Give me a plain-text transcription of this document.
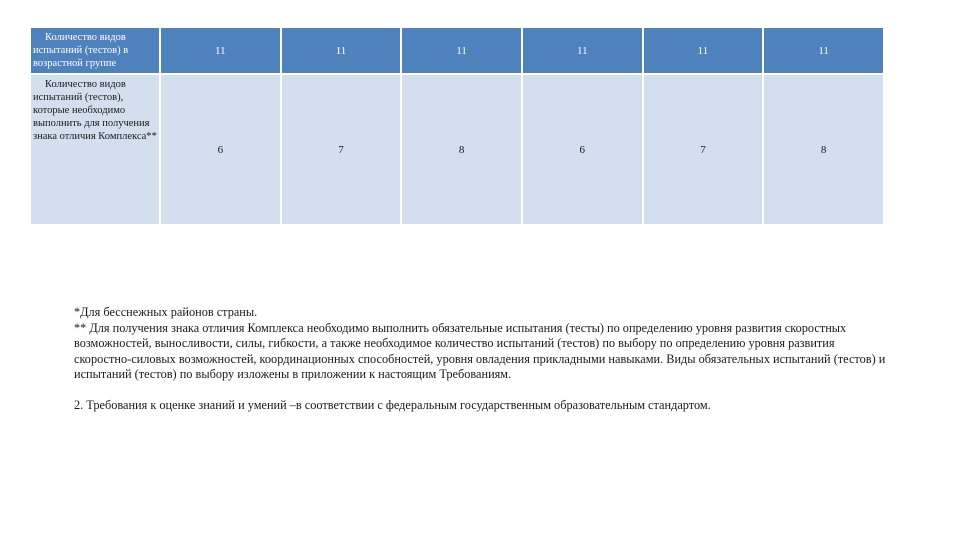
Количество видов испытаний (тестов) в возрастной группе	11	11	11	11	11	11

Количество видов испытаний (тестов), которые необходимо выполнить для получения знака отличия Комплекса**	6	7	8	6	7	8

*Для бесснежных районов страны.

** Для получения знака отличия Комплекса необходимо выполнить обязательные испытания (тесты) по определению уровня развития скоростных возможностей, выносливости, силы, гибкости, а также необходимое количество испытаний (тестов) по выбору по определению уровня развития скоростно-силовых возможностей, координационных способностей, уровня овладения прикладными навыками. Виды обязательных испытаний (тестов) и испытаний (тестов) по выбору изложены в приложении к настоящим Требованиям.

2. Требования к оценке знаний и умений –в соответствии с федеральным государственным образовательным стандартом.
